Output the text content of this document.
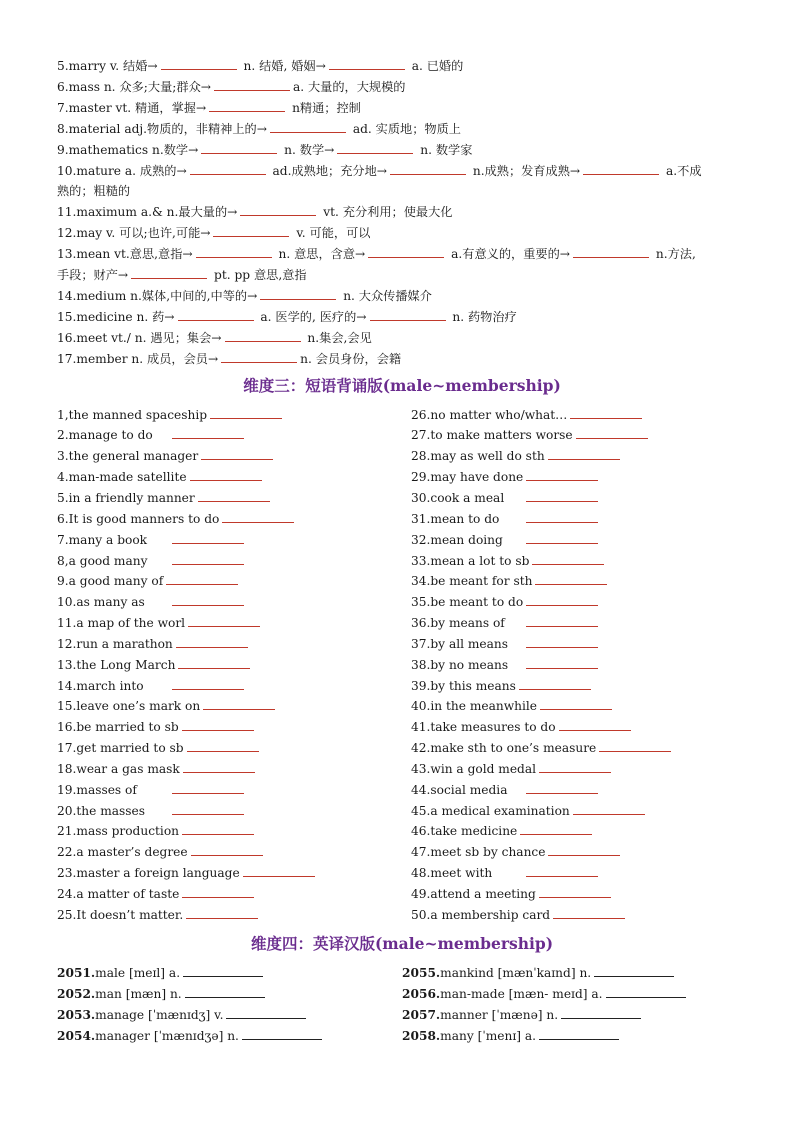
5.marry v. 结婚→	n. 结婚, 婚姻→	a. 已婚的
6.mass n. 众多;大量;群众→	a. 大量的，大规模的
7.master vt. 精通，掌握→	n精通；控制
8.material adj.物质的，非精神上的→	ad. 实质地；物质上
9.mathematics n.数学→	n. 数学→	n. 数学家
10.mature a. 成熟的→	ad.成熟地；充分地→	n.成熟；发育成熟→	a.不成
熟的；粗糙的
11.maximum a.& n.最大量的→	vt. 充分利用；使最大化
12.may v. 可以;也许,可能→	v. 可能，可以
13.mean vt.意思,意指→	n. 意思，含意→	a.有意义的，重要的→	n.方法,
手段；财产→	pt. pp 意思,意指
14.medium n.媒体,中间的,中等的→	n. 大众传播媒介
15.medicine n. 药→	a. 医学的, 医疗的→	n. 药物治疗
16.meet vt./ n. 遇见；集会→	n.集会,会见
17.member n. 成员，会员→	n. 会员身份，会籍
维度三：短语背诵版(male~membership)
1,the manned spaceship
2.manage to do
3.the general manager
4.man-made satellite
5.in a friendly manner
6.It is good manners to do
7.many a book
8,a good many
9.a good many of
10.as many as
11.a map of the worl
12.run a marathon
13.the Long March
14.march into
15.leave one’s mark on
16.be married to sb
17.get married to sb
18.wear a gas mask
19.masses of
20.the masses
21.mass production
22.a master’s degree
23.master a foreign language
24.a matter of taste
25.It doesn’t matter.
26.no matter who/what…
27.to make matters worse
28.may as well do sth
29.may have done
30.cook a meal
31.mean to do
32.mean doing
33.mean a lot to sb
34.be meant for sth
35.be meant to do
36.by means of
37.by all means
38.by no means
39.by this means
40.in the meanwhile
41.take measures to do
42.make sth to one’s measure
43.win a gold medal
44.social media
45.a medical examination
46.take medicine
47.meet sb by chance
48.meet with
49.attend a meeting
50.a membership card
维度四：英译汉版(male~membership)
2051.male [meɪl] a.
2052.man [mæn] n.
2053.manage [ˈmænɪdʒ] v.
2054.manager [ˈmænɪdʒə] n.
2055.mankind [mænˈkaɪnd] n.
2056.man-made [mæn- meɪd] a.
2057.manner [ˈmænə] n.
2058.many [ˈmenɪ] a.
